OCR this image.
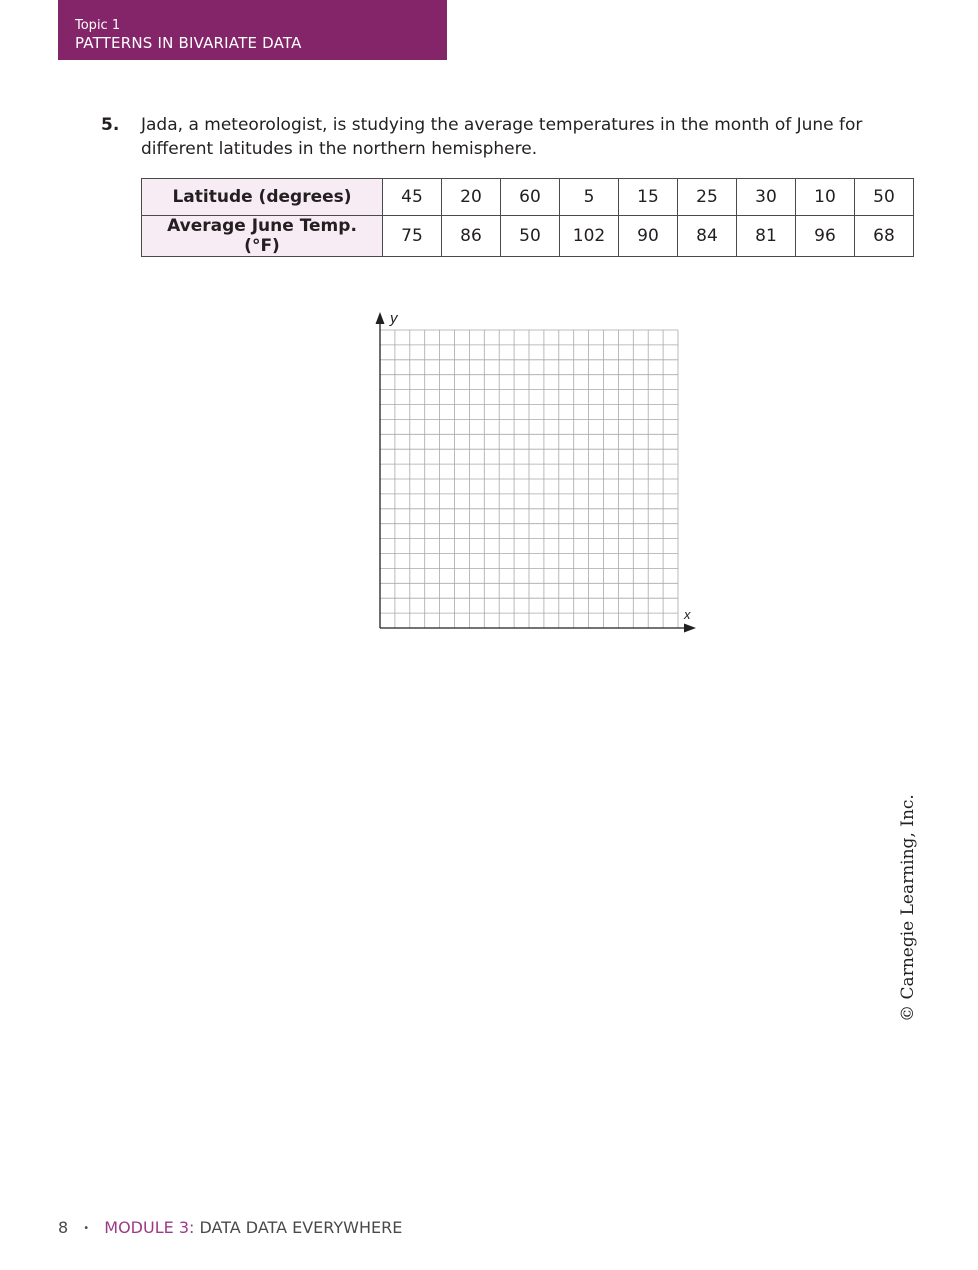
Topic 1
PATTERNS IN BIVARIATE DATA
5. Jada, a meteorologist, is studying the average temperatures in the month of June for different latitudes in the northern hemisphere.
Latitude (degrees)	45	20	60	5	15	25	30	10	50
Average June Temp. (°F)	75	86	50	102	90	84	81	96	68
x
y
© Carnegie Learning, Inc.
8 • MODULE 3: DATA DATA EVERYWHERE
